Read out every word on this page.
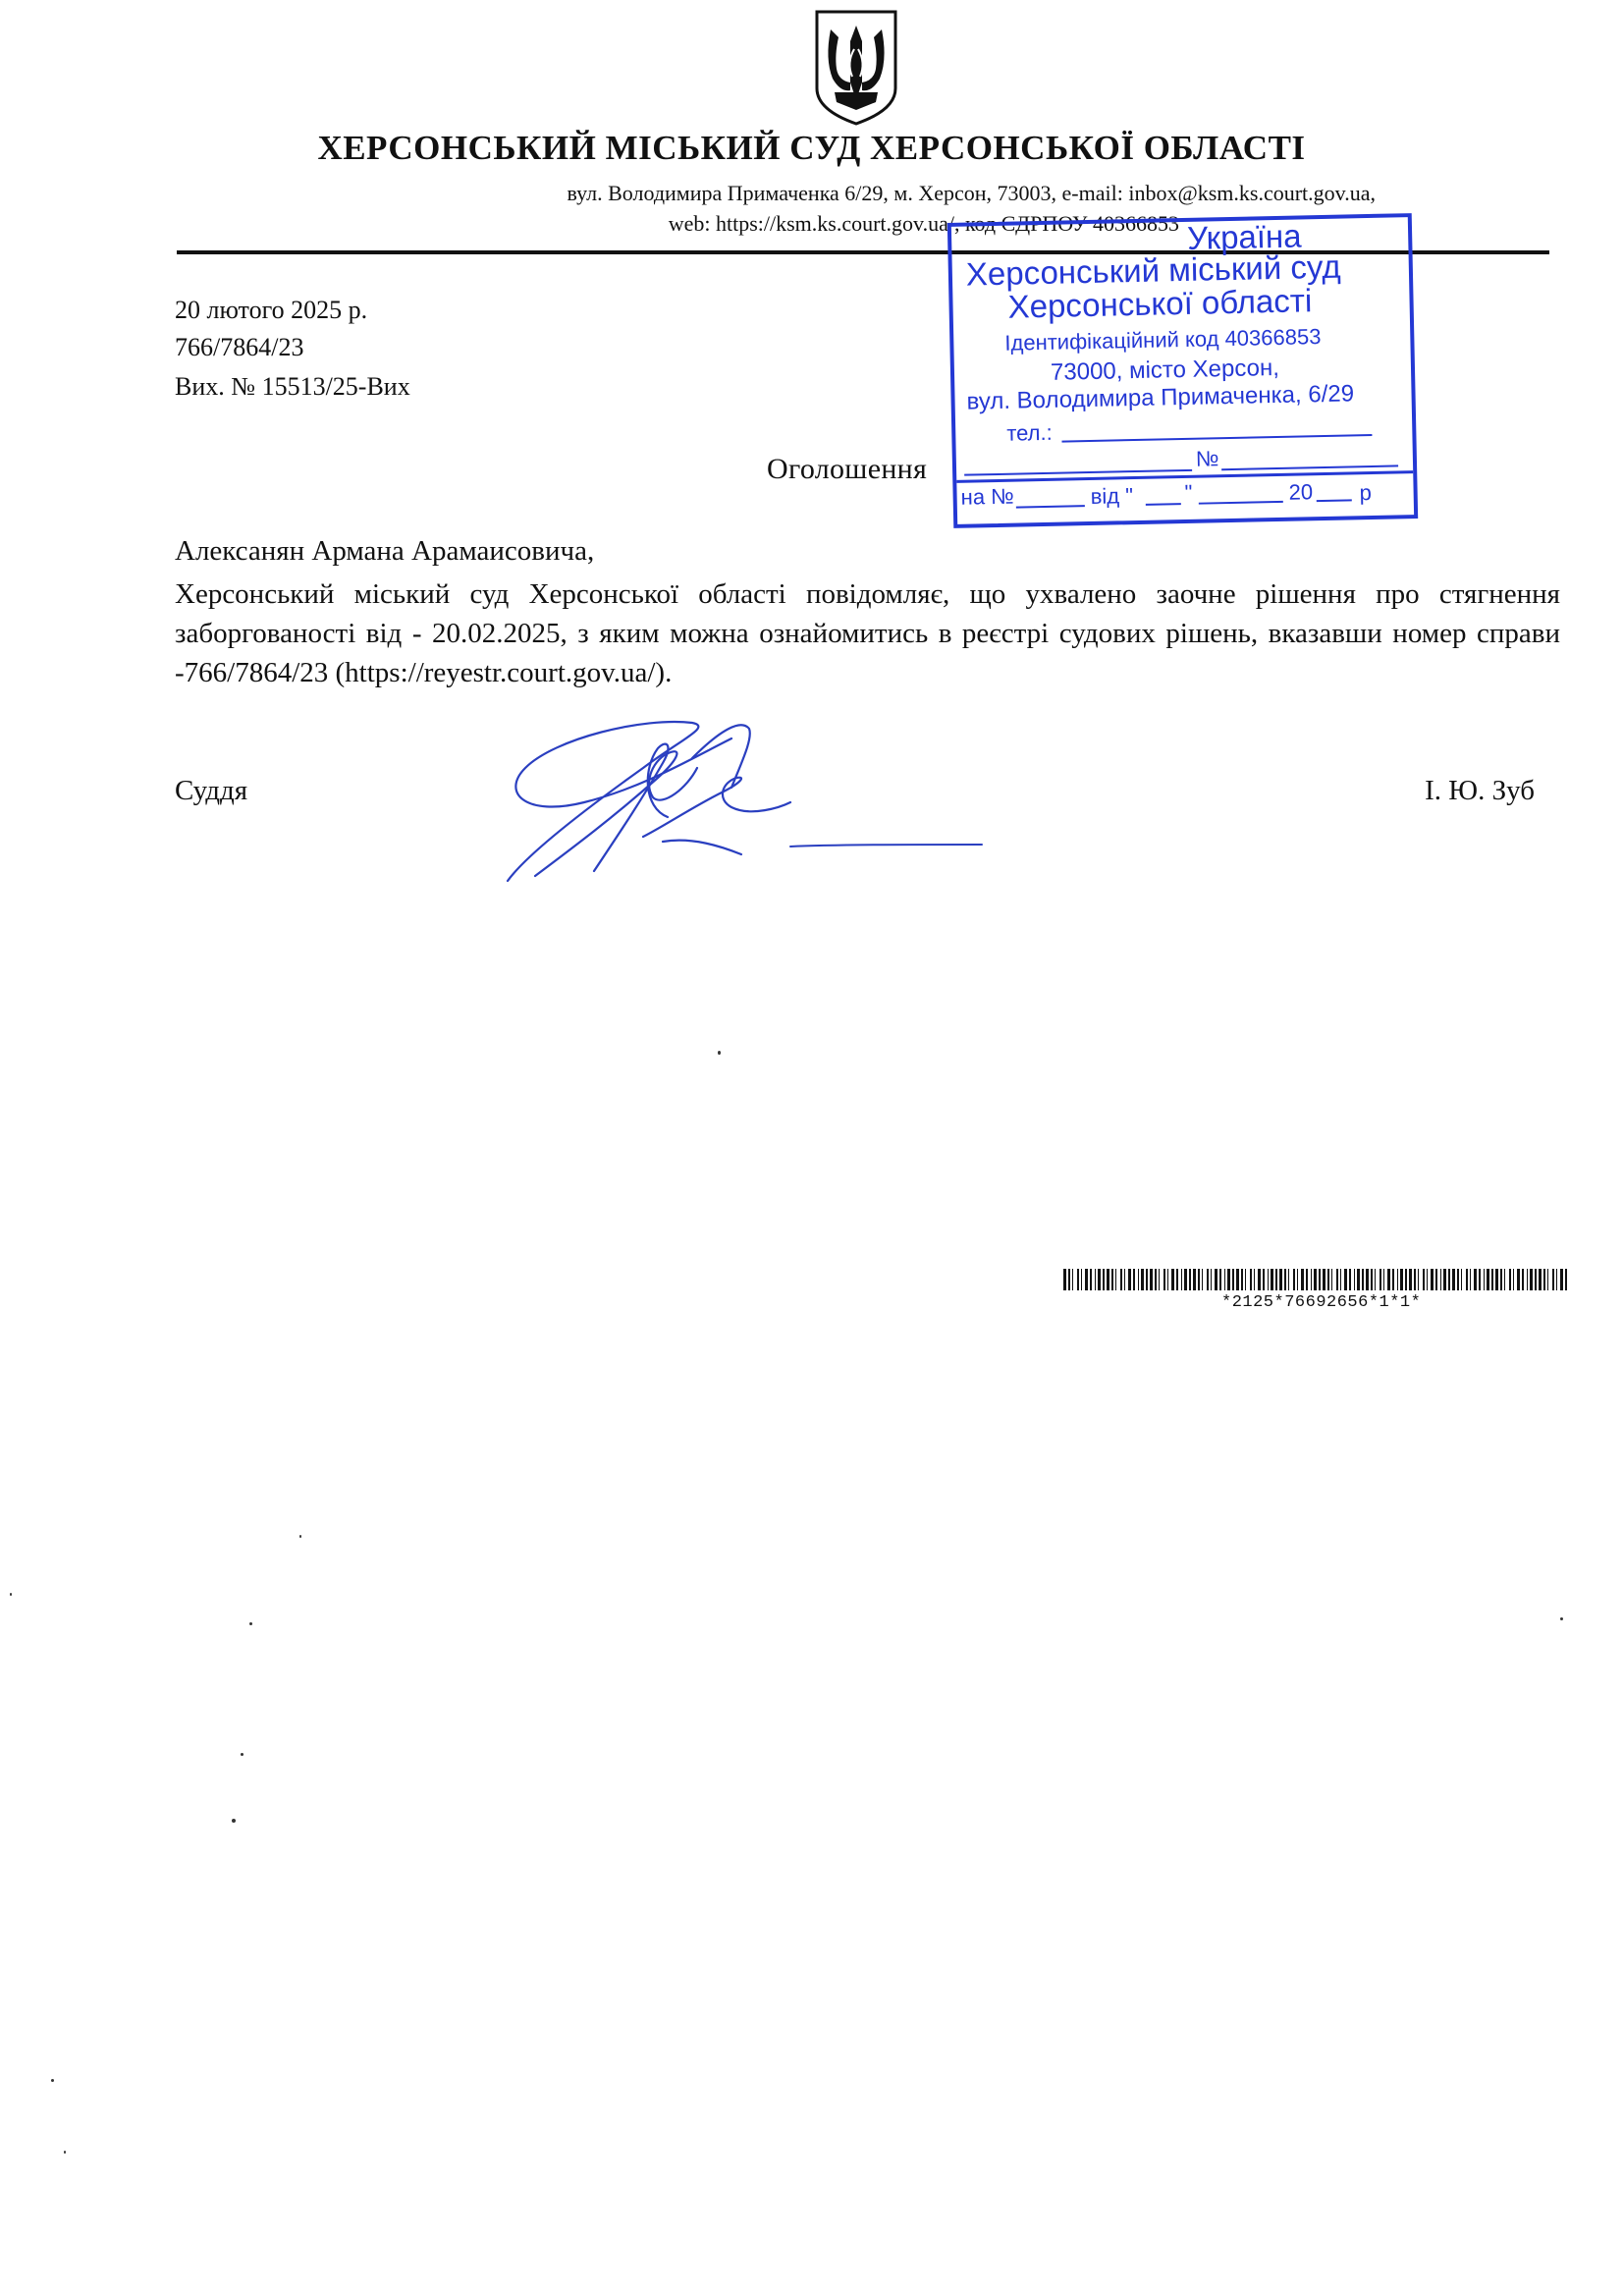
ХЕРСОНСЬКИЙ МІСЬКИЙ СУД ХЕРСОНСЬКОЇ ОБЛАСТІ
вул. Володимира Примаченка 6/29, м. Херсон, 73003, e-mail: inbox@ksm.ks.court.gov.ua,
web: https://ksm.ks.court.gov.ua/, код ЄДРПОУ 40366853
20 лютого 2025 р.
766/7864/23
Вих. № 15513/25-Вих
Оголошення
Алексанян Армана Арамаисовича,
Херсонський міський суд Херсонської області повідомляє, що ухвалено заочне рішення про стягнення заборгованості від - 20.02.2025, з яким можна ознайомитись в реєстрі судових рішень, вказавши номер справи -766/7864/23 (https://reyestr.court.gov.ua/).
Суддя	І. Ю. Зуб
Україна
Херсонський міський суд
Херсонської області
Ідентифікаційний код 40366853
73000, місто Херсон,
вул. Володимира Примаченка, 6/29
тел.:
№
на №	від " "	20 р
*2125*76692656*1*1*
